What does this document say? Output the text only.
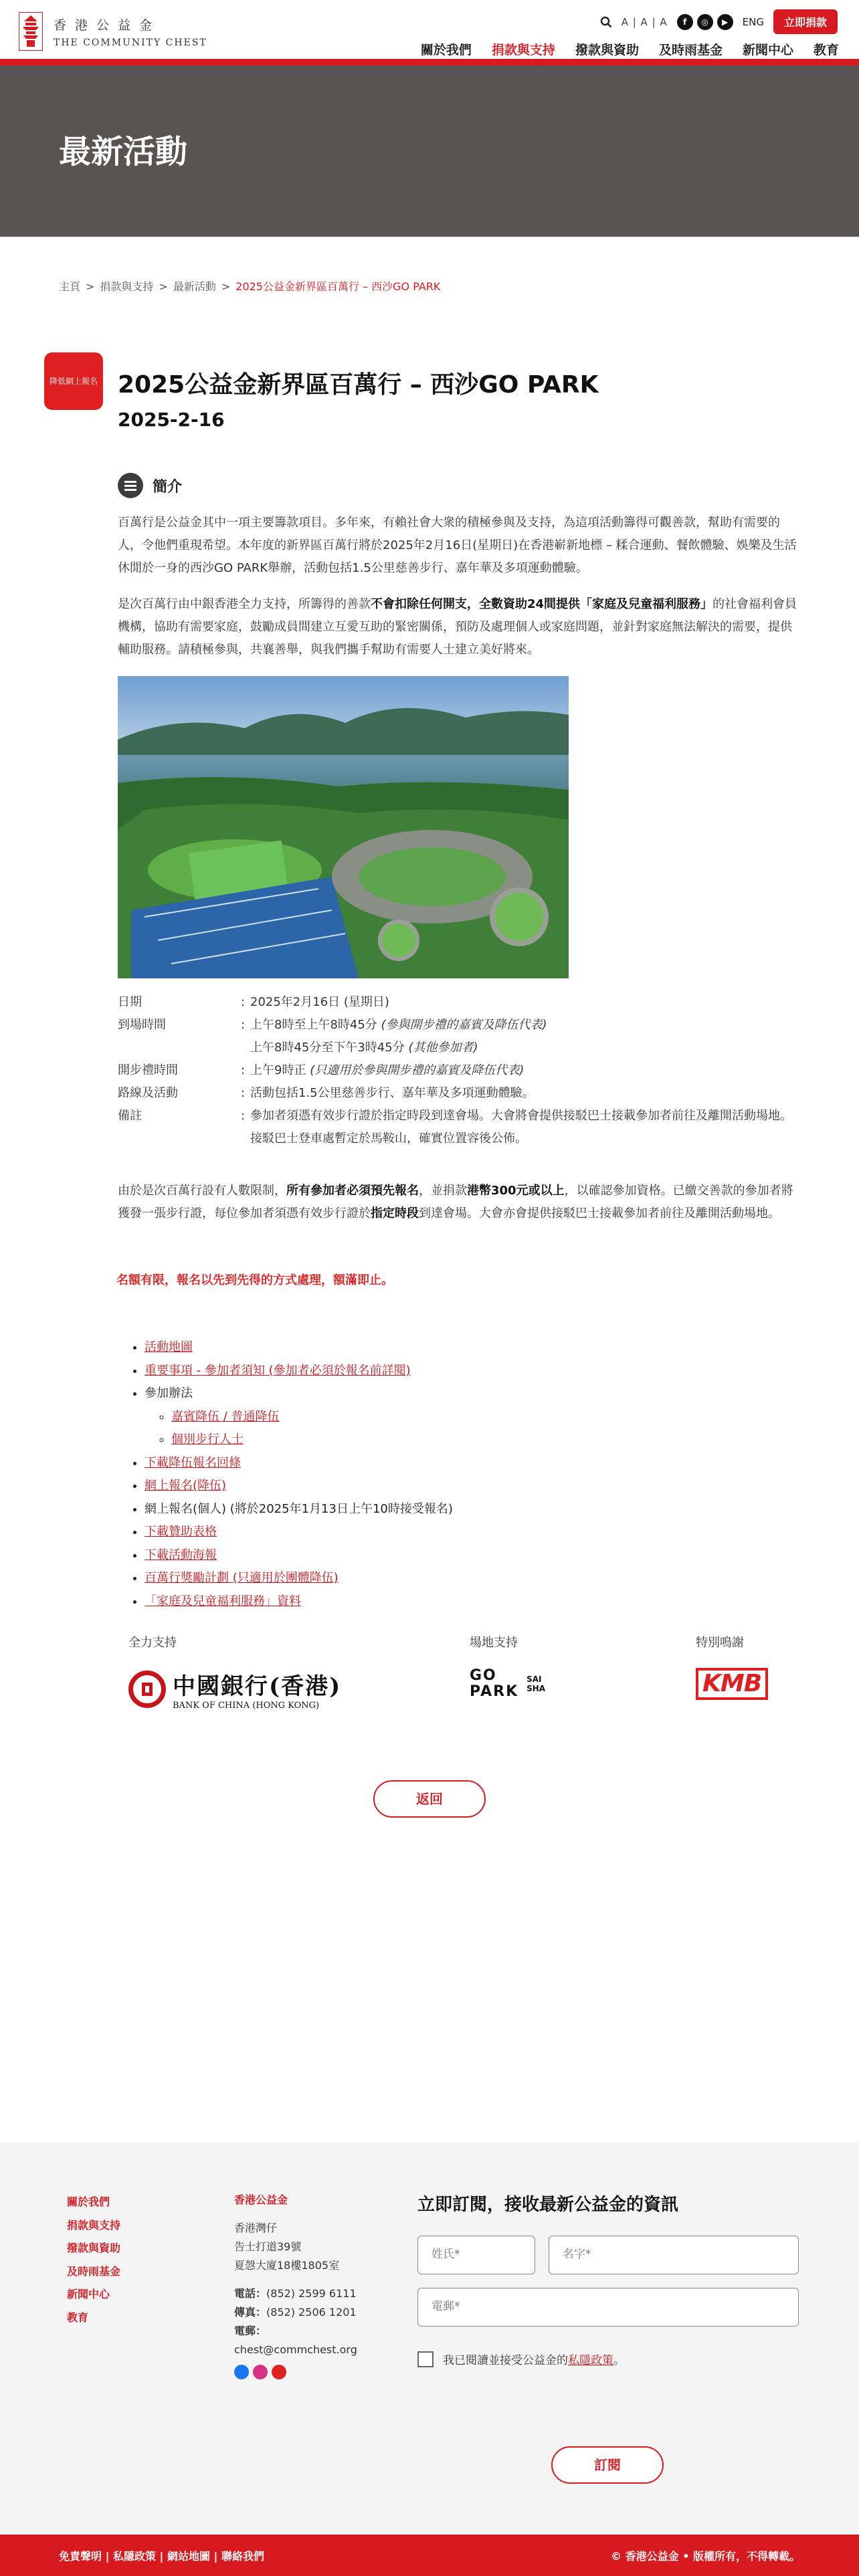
香港公益金
THE COMMUNITY CHEST
A | A | A	f	◎	▶	ENG	立即捐款
關於我們 捐款與支持 撥款與資助 及時雨基金 新聞中心 教育
最新活動
主頁 > 捐款與支持 > 最新活動 > 2025公益金新界區百萬行 – 西沙GO PARK
降低網上報名 2025公益金新界區百萬行 – 西沙GO PARK
2025-2-16
簡介

百萬行是公益金其中一項主要籌款項目。多年來，有賴社會大衆的積極參與及支持，為這項活動籌得可觀善款，幫助有需要的人，令他們重現希望。本年度的新界區百萬行將於2025年2月16日(星期日)在香港嶄新地標 – 糅合運動、餐飲體驗、娛樂及生活休閒於一身的西沙GO PARK舉辦，活動包括1.5公里慈善步行、嘉年華及多項運動體驗。

是次百萬行由中銀香港全力支持，所籌得的善款不會扣除任何開支，全數資助24間提供「家庭及兒童福利服務」的社會福利會員機構，協助有需要家庭，鼓勵成員間建立互愛互助的緊密關係，預防及處理個人或家庭問題，並針對家庭無法解決的需要，提供輔助服務。請積極參與，共襄善舉，與我們攜手幫助有需要人士建立美好將來。

日期	: 2025年2月16日 (星期日)
到場時間	: 上午8時至上午8時45分 (參與開步禮的嘉賓及降伍代表)
上午8時45分至下午3時45分 (其他參加者)
開步禮時間	: 上午9時正 (只適用於參與開步禮的嘉賓及降伍代表)
路線及活動	: 活動包括1.5公里慈善步行、嘉年華及多項運動體驗。
備註	: 參加者須憑有效步行證於指定時段到達會場。大會將會提供接駁巴士接載參加者前往及離開活動場地。接駁巴士登車處暫定於馬鞍山，確實位置容後公佈。

由於是次百萬行設有人數限制，所有參加者必須預先報名，並捐款港幣300元或以上，以確認參加資格。已繳交善款的參加者將獲發一張步行證，每位參加者須憑有效步行證於指定時段到達會場。大會亦會提供接駁巴士接載參加者前往及離開活動場地。

名額有限，報名以先到先得的方式處理，額滿即止。

• 活動地圖
• 重要事項 - 參加者須知 (參加者必須於報名前詳閱)
• 參加辦法
◦ 嘉賓降伍 / 普通降伍
◦ 個別步行人士
• 下載降伍報名回條
• 網上報名(降伍)
• 網上報名(個人) (將於2025年1月13日上午10時接受報名)
• 下載贊助表格
• 下載活動海報
• 百萬行獎勵計劃 (只適用於團體降伍)
• 「家庭及兒童福利服務」資料
全力支持
中國銀行(香港)
BANK OF CHINA (HONG KONG)
場地支持
GO
PARK
SAI
SHA
特別鳴謝
KMB
返回
關於我們
捐款與支持
撥款與資助
及時雨基金
新聞中心
教育
香港公益金
香港灣仔
告士打道39號
夏愨大廈18樓1805室
電話：(852) 2599 6111
傳真：(852) 2506 1201
電郵：
chest@commchest.org
立即訂閱，接收最新公益金的資訊
姓氏*	名字*
電郵*
我已閱讀並接受公益金的私隱政策。
訂閱
免責聲明 | 私隱政策 | 網站地圖 | 聯絡我們	© 香港公益金 • 版權所有，不得轉載。
